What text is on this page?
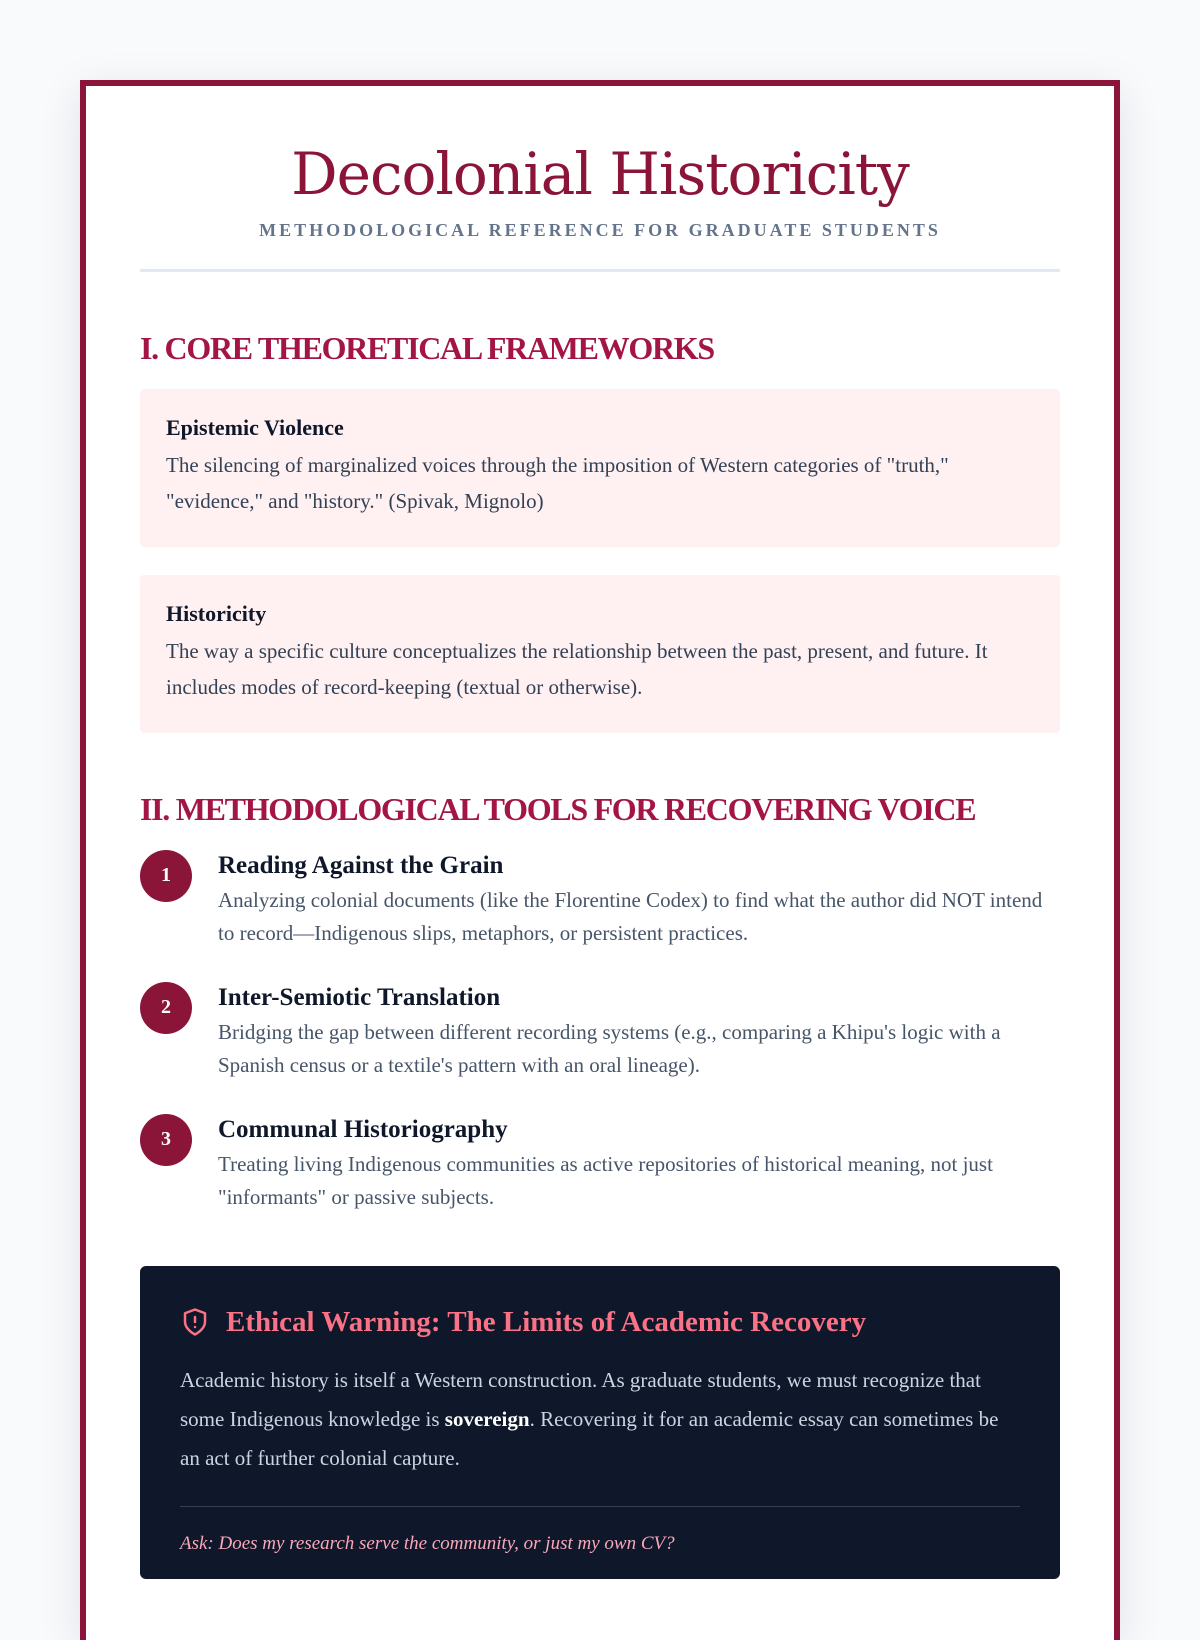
Decolonial Historicity
METHODOLOGICAL REFERENCE FOR GRADUATE STUDENTS
I. CORE THEORETICAL FRAMEWORKS
Epistemic Violence
The silencing of marginalized voices through the imposition of Western categories of "truth," "evidence," and "history." (Spivak, Mignolo)
Historicity
The way a specific culture conceptualizes the relationship between the past, present, and future. It includes modes of record-keeping (textual or otherwise).
II. METHODOLOGICAL TOOLS FOR RECOVERING VOICE
1	Reading Against the Grain
Analyzing colonial documents (like the Florentine Codex) to find what the author did NOT intend to record—Indigenous slips, metaphors, or persistent practices.
2	Inter-Semiotic Translation
Bridging the gap between different recording systems (e.g., comparing a Khipu's logic with a Spanish census or a textile's pattern with an oral lineage).
3	Communal Historiography
Treating living Indigenous communities as active repositories of historical meaning, not just "informants" or passive subjects.
Ethical Warning: The Limits of Academic Recovery
Academic history is itself a Western construction. As graduate students, we must recognize that some Indigenous knowledge is sovereign. Recovering it for an academic essay can sometimes be an act of further colonial capture.
Ask: Does my research serve the community, or just my own CV?
